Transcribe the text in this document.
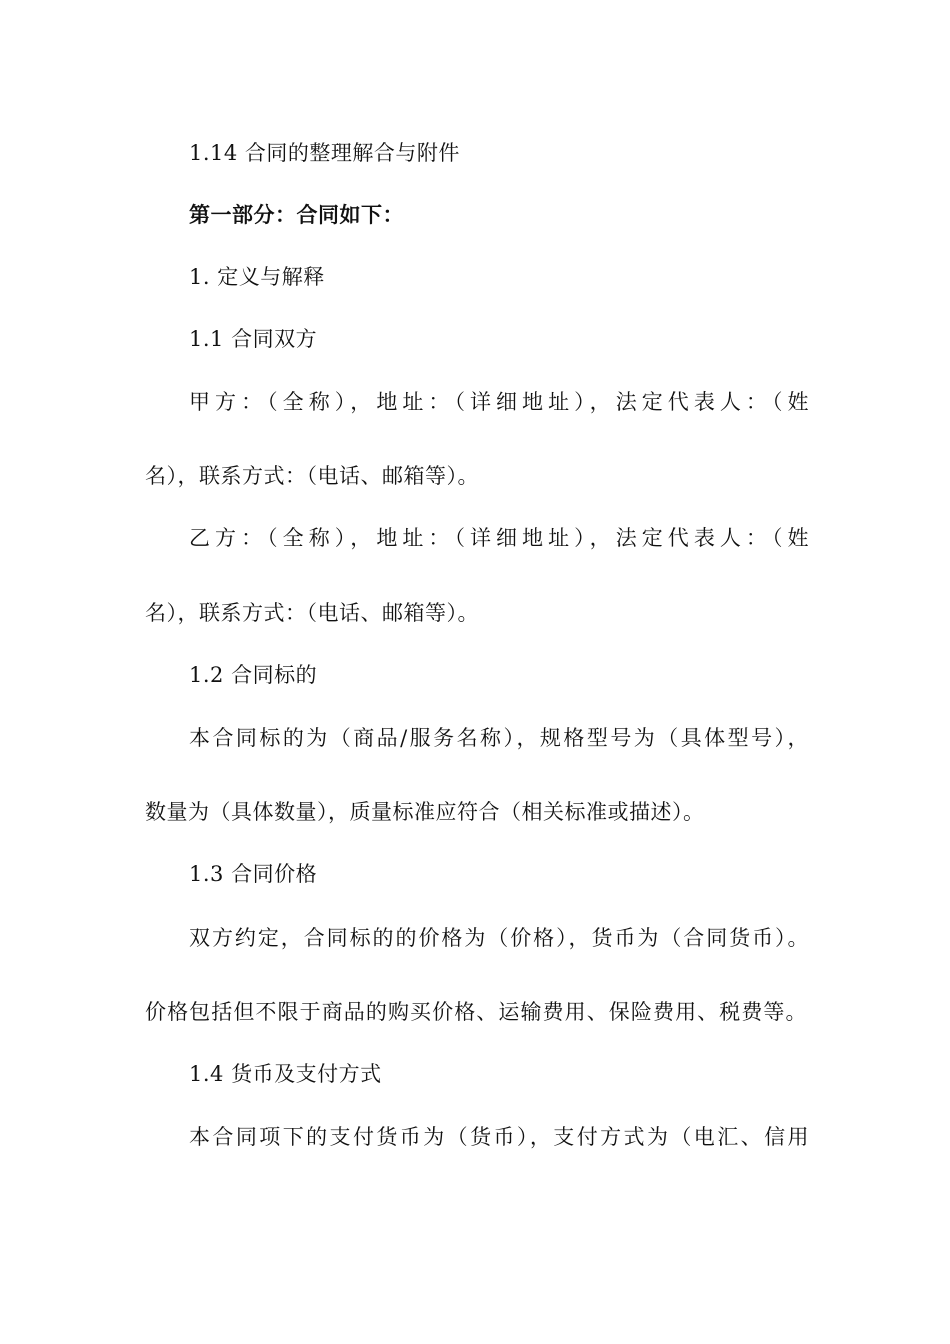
1.14 合同的整理解合与附件
第一部分：合同如下：
1. 定义与解释
1.1 合同双方
甲方：（全称），地址：（详细地址），法定代表人：（姓
名），联系方式：（电话、邮箱等）。
乙方：（全称），地址：（详细地址），法定代表人：（姓
名），联系方式：（电话、邮箱等）。
1.2 合同标的
本合同标的为（商品/服务名称），规格型号为（具体型号），
数量为（具体数量），质量标准应符合（相关标准或描述）。
1.3 合同价格
双方约定，合同标的的价格为（价格），货币为（合同货币）。
价格包括但不限于商品的购买价格、运输费用、保险费用、税费等。
1.4 货币及支付方式
本合同项下的支付货币为（货币），支付方式为（电汇、信用
